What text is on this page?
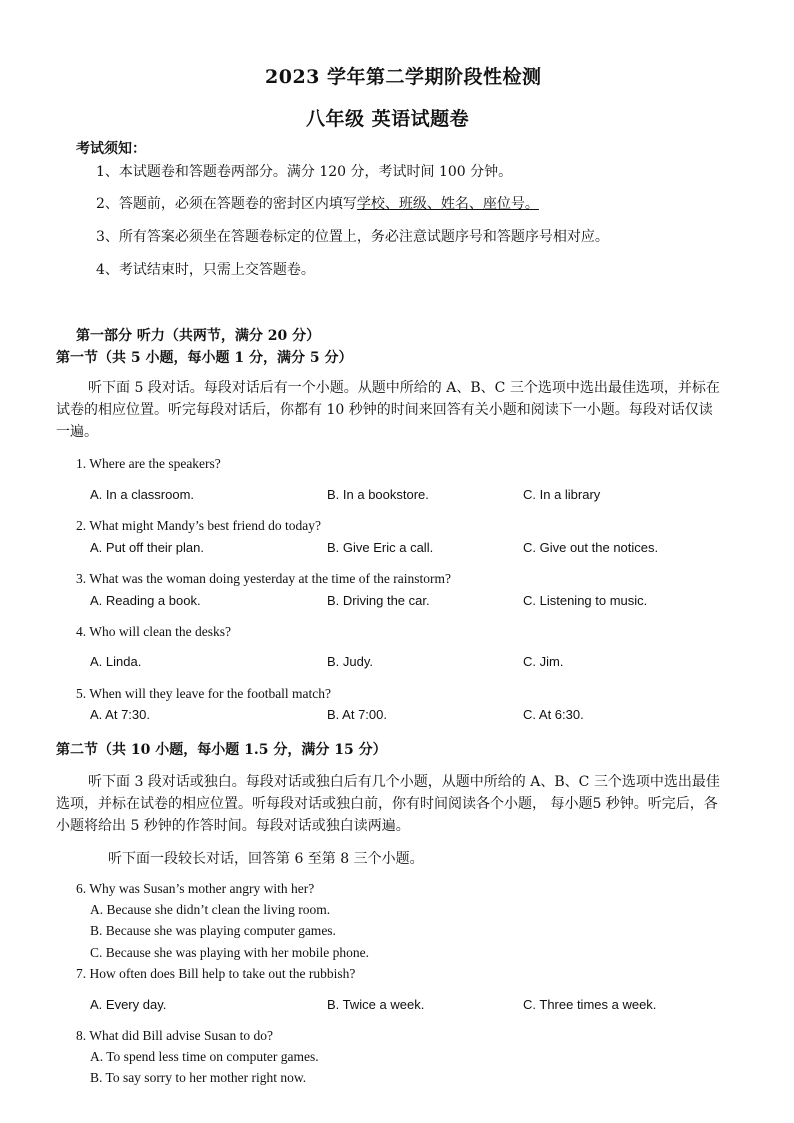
2023 学年第二学期阶段性检测
八年级 英语试题卷
考试须知：
1、本试题卷和答题卷两部分。满分 120 分，考试时间 100 分钟。
2、答题前，必须在答题卷的密封区内填写学校、班级、姓名、座位号。
3、所有答案必须坐在答题卷标定的位置上，务必注意试题序号和答题序号相对应。
4、考试结束时，只需上交答题卷。
第一部分 听力（共两节，满分 20 分）
第一节（共 5 小题，每小题 1 分，满分 5 分）
听下面 5 段对话。每段对话后有一个小题。从题中所给的 A、B、C 三个选项中选出最佳选项，并标在试卷的相应位置。听完每段对话后，你都有 10 秒钟的时间来回答有关小题和阅读下一小题。每段对话仅读一遍。
1. Where are the speakers?
A. In a classroom.	B. In a bookstore.	C. In a library
2. What might Mandy’s best friend do today?
A. Put off their plan.	B. Give Eric a call.	C. Give out the notices.
3. What was the woman doing yesterday at the time of the rainstorm?
A. Reading a book.	B. Driving the car.	C. Listening to music.
4. Who will clean the desks?
A. Linda.	B. Judy.	C. Jim.
5. When will they leave for the football match?
A. At 7:30.	B. At 7:00.	C. At 6:30.
第二节（共 10 小题，每小题 1.5 分，满分 15 分）
听下面 3 段对话或独白。每段对话或独白后有几个小题，从题中所给的 A、B、C 三个选项中选出最佳选项，并标在试卷的相应位置。听每段对话或独白前，你有时间阅读各个小题， 每小题5 秒钟。听完后，各小题将给出 5 秒钟的作答时间。每段对话或独白读两遍。
听下面一段较长对话，回答第 6 至第 8 三个小题。
6. Why was Susan’s mother angry with her?
A. Because she didn’t clean the living room.
B. Because she was playing computer games.
C. Because she was playing with her mobile phone.
7. How often does Bill help to take out the rubbish?
A. Every day.	B. Twice a week.	C. Three times a week.
8. What did Bill advise Susan to do?
A. To spend less time on computer games.
B. To say sorry to her mother right now.
